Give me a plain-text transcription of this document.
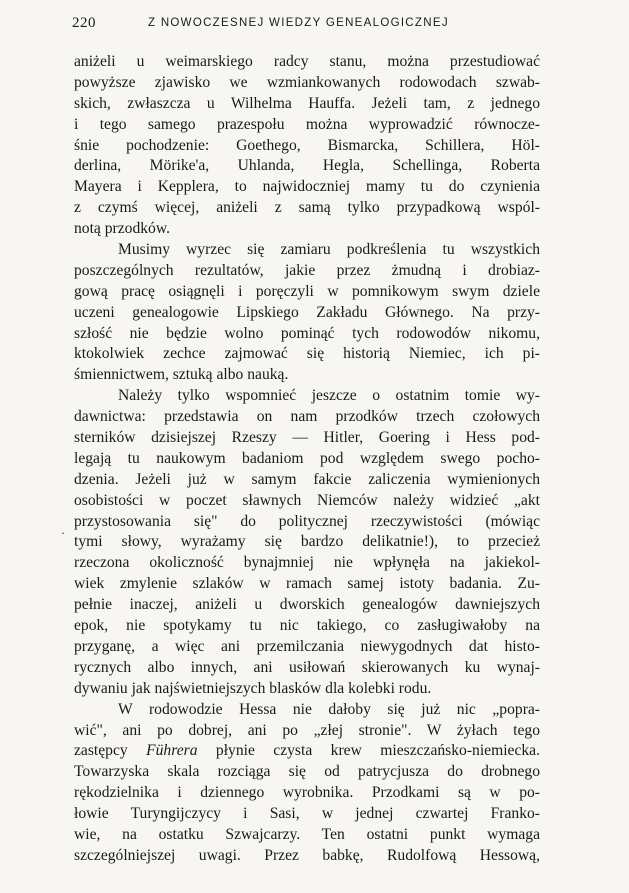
220	Z NOWOCZESNEJ WIEDZY GENEALOGICZNEJ
·
aniżeli u weimarskiego radcy stanu, można przestudiować
powyższe zjawisko we wzmiankowanych rodowodach szwab-
skich, zwłaszcza u Wilhelma Hauffa. Jeżeli tam, z jednego
i tego samego prazespołu można wyprowadzić równocze-
śnie pochodzenie: Goethego, Bismarcka, Schillera, Höl-
derlina, Mörike'a, Uhlanda, Hegla, Schellinga, Roberta
Mayera i Kepplera, to najwidoczniej mamy tu do czynienia
z czymś więcej, aniżeli z samą tylko przypadkową wspól-
notą przodków.
Musimy wyrzec się zamiaru podkreślenia tu wszystkich
poszczególnych rezultatów, jakie przez żmudną i drobiaz-
gową pracę osiągnęli i poręczyli w pomnikowym swym dziele
uczeni genealogowie Lipskiego Zakładu Głównego. Na przy-
szłość nie będzie wolno pominąć tych rodowodów nikomu,
ktokolwiek zechce zajmować się historią Niemiec, ich pi-
śmiennictwem, sztuką albo nauką.
Należy tylko wspomnieć jeszcze o ostatnim tomie wy-
dawnictwa: przedstawia on nam przodków trzech czołowych
sterników dzisiejszej Rzeszy — Hitler, Goering i Hess pod-
legają tu naukowym badaniom pod względem swego pocho-
dzenia. Jeżeli już w samym fakcie zaliczenia wymienionych
osobistości w poczet sławnych Niemców należy widzieć „akt
przystosowania się" do politycznej rzeczywistości (mówiąc
tymi słowy, wyrażamy się bardzo delikatnie!), to przecież
rzeczona okoliczność bynajmniej nie wpłynęła na jakiekol-
wiek zmylenie szlaków w ramach samej istoty badania. Zu-
pełnie inaczej, aniżeli u dworskich genealogów dawniejszych
epok, nie spotykamy tu nic takiego, co zasługiwałoby na
przyganę, a więc ani przemilczania niewygodnych dat histo-
rycznych albo innych, ani usiłowań skierowanych ku wynaj-
dywaniu jak najświetniejszych blasków dla kolebki rodu.
W rodowodzie Hessa nie dałoby się już nic „popra-
wić", ani po dobrej, ani po „złej stronie". W żyłach tego
zastępcy Führera płynie czysta krew mieszczańsko-niemiecka.
Towarzyska skala rozciąga się od patrycjusza do drobnego
rękodzielnika i dziennego wyrobnika. Przodkami są w po-
łowie Turyngijczycy i Sasi, w jednej czwartej Franko-
wie, na ostatku Szwajcarzy. Ten ostatni punkt wymaga
szczególniejszej uwagi. Przez babkę, Rudolfową Hessową,
